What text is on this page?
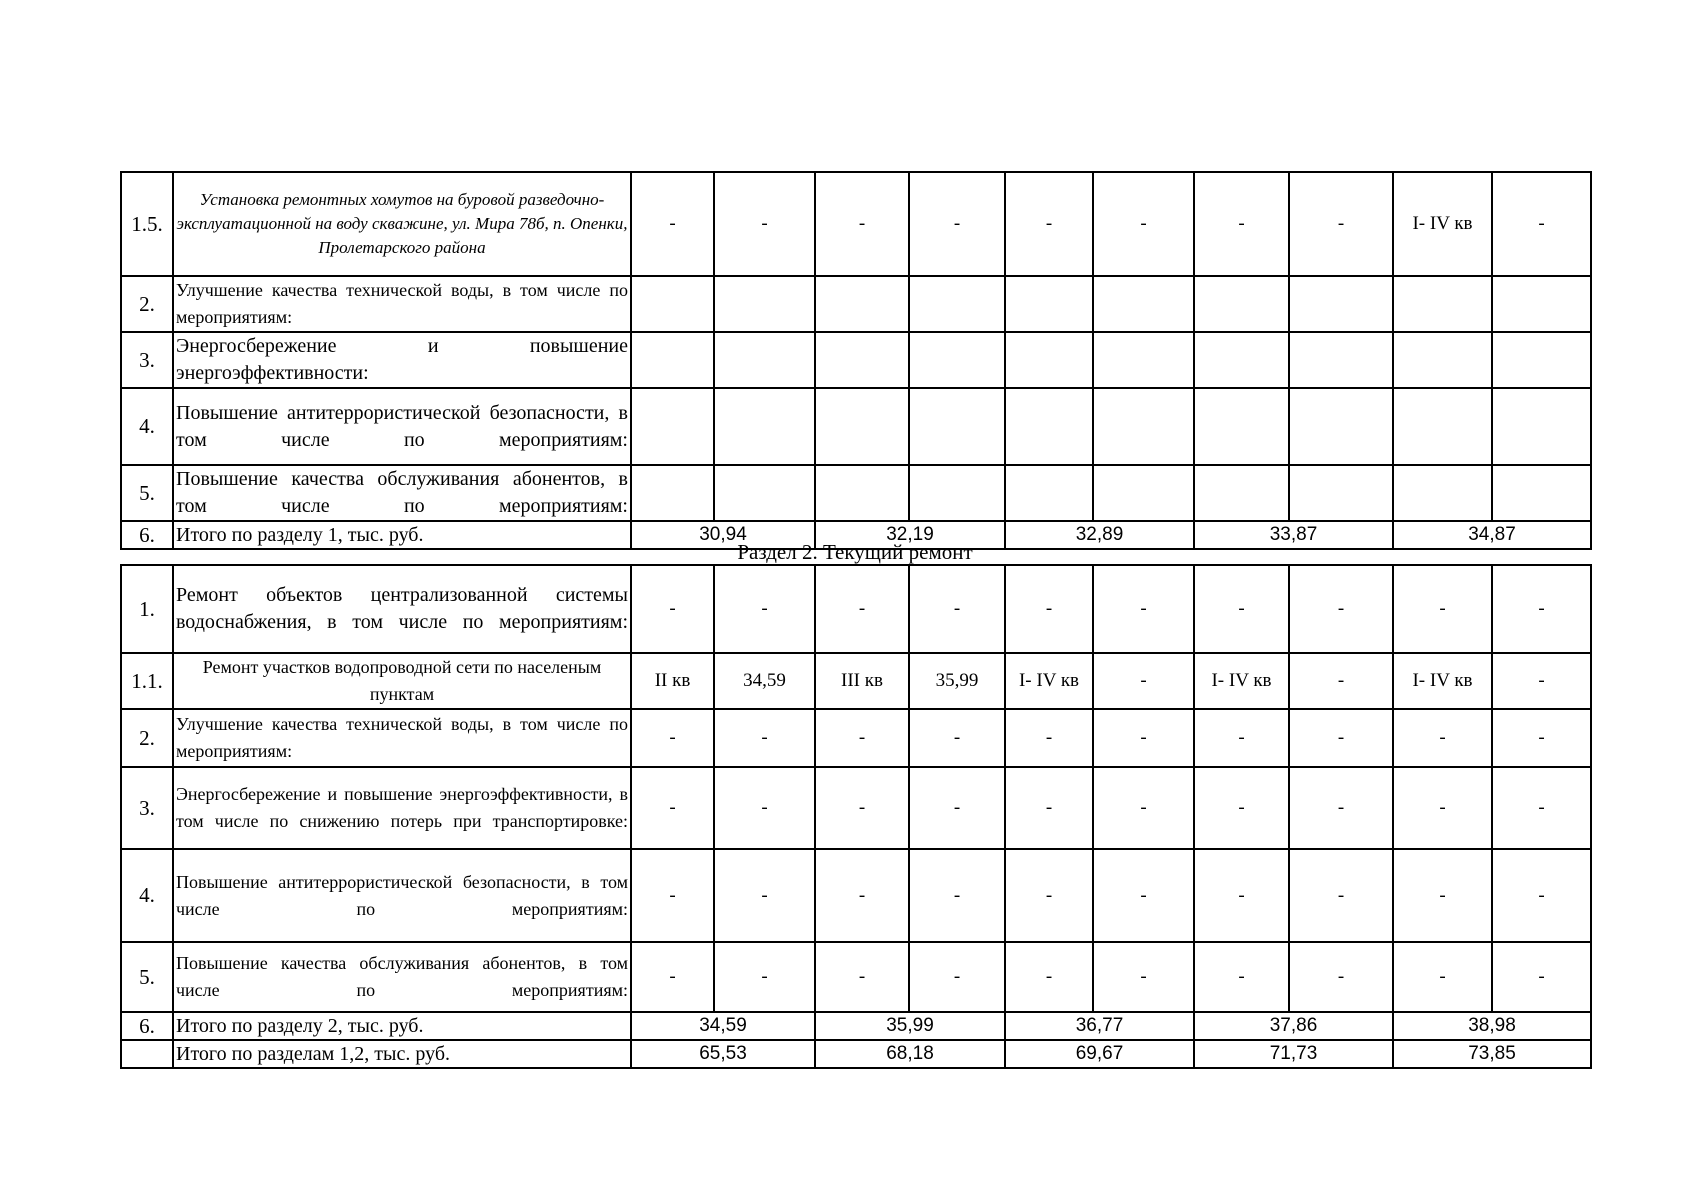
1.5.	Установка ремонтных хомутов на буровой разведочно-эксплуатационной на воду скважине, ул. Мира 78б, п. Опенки, Пролетарского района	-	-	-	-	-	-	-	-	I- IV кв	-
2.	Улучшение качества технической воды, в том числе по мероприятиям:										
3.	Энергосбережение и повышение энергоэффективности:										
4.	Повышение антитеррористической безопасности, в том числе по мероприятиям:										
5.	Повышение качества обслуживания абонентов, в том числе по мероприятиям:										
6.	Итого по разделу 1, тыс. руб.	30,94		32,19		32,89		33,87		34,87	
Раздел 2. Текущий ремонт
1.	Ремонт объектов централизованной системы водоснабжения, в том числе по мероприятиям:	-	-	-	-	-	-	-	-	-	-
1.1.	Ремонт участков водопроводной сети по населеным пунктам	II кв	34,59	III кв	35,99	I- IV кв	-	I- IV кв	-	I- IV кв	-
2.	Улучшение качества технической воды, в том числе по мероприятиям:	-	-	-	-	-	-	-	-	-	-
3.	Энергосбережение и повышение энергоэффективности, в том числе по снижению потерь при транспортировке:	-	-	-	-	-	-	-	-	-	-
4.	Повышение антитеррористической безопасности, в том числе по мероприятиям:	-	-	-	-	-	-	-	-	-	-
5.	Повышение качества обслуживания абонентов, в том числе по мероприятиям:	-	-	-	-	-	-	-	-	-	-
6.	Итого по разделу 2, тыс. руб.	34,59		35,99		36,77		37,86		38,98	
	Итого по разделам 1,2, тыс. руб.	65,53		68,18		69,67		71,73		73,85	
